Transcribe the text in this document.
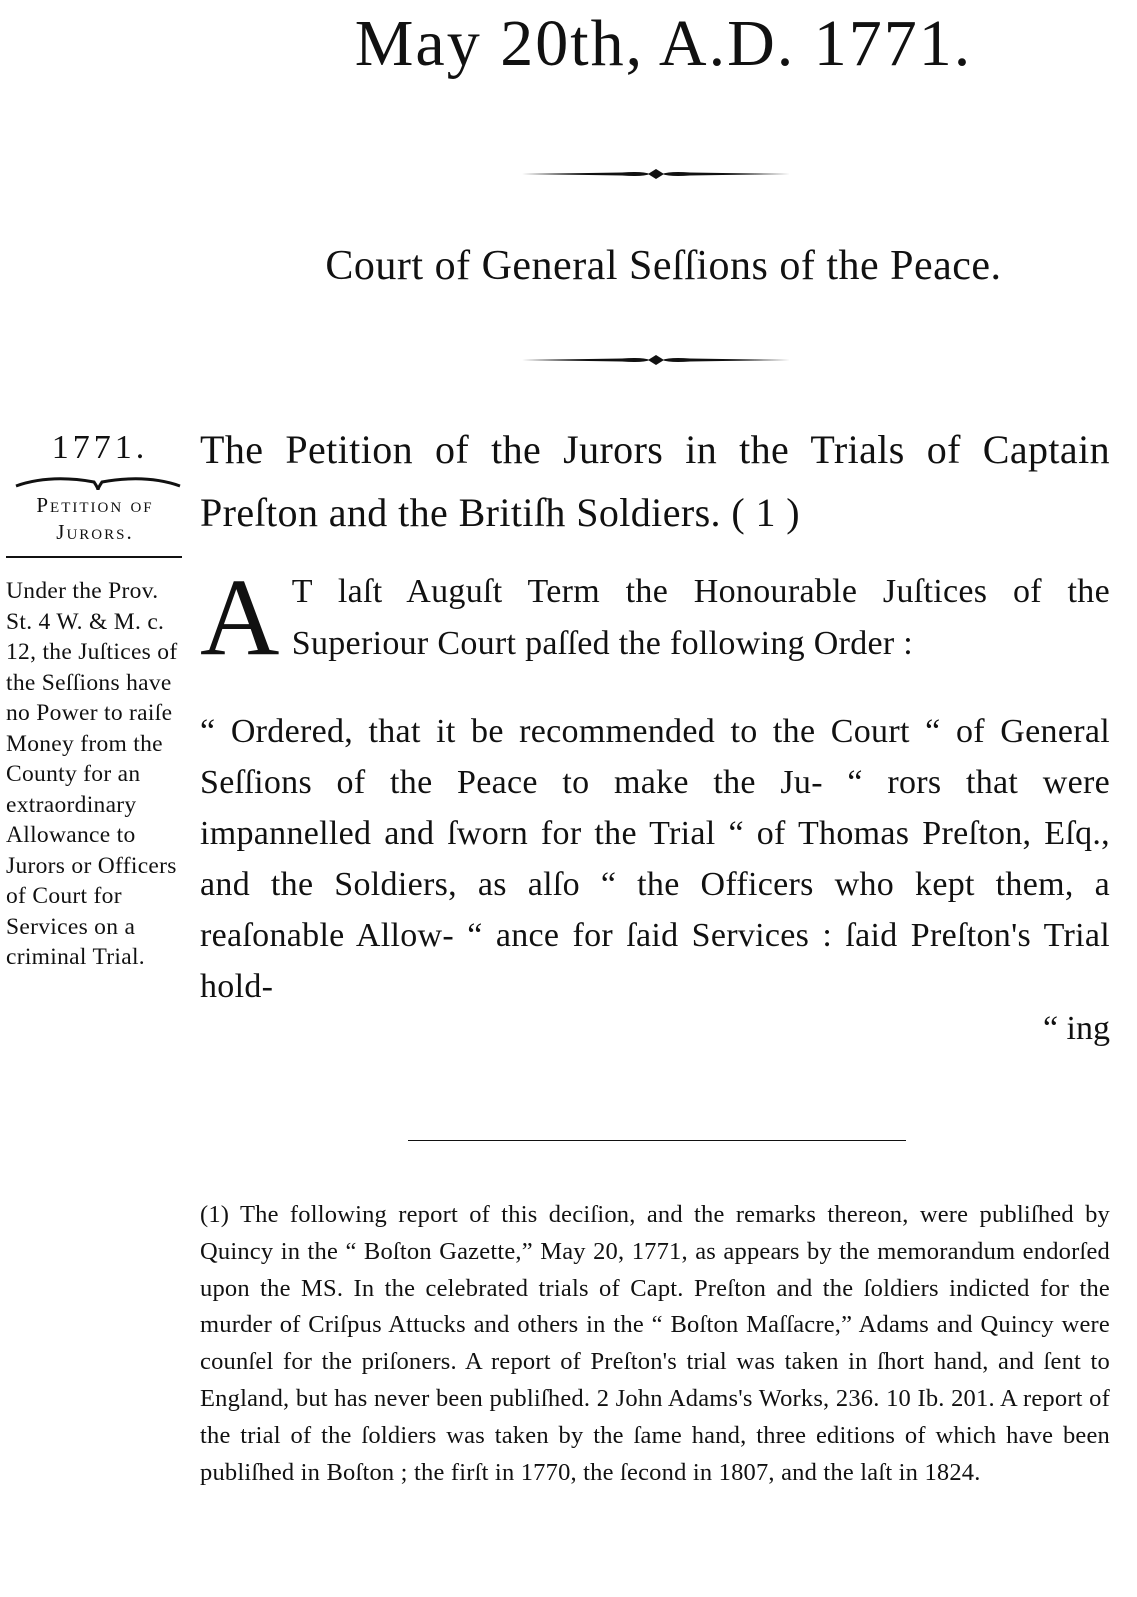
May 20th, A.D. 1771.
Court of General Seſſions of the Peace.
1771.
Petition of
Jurors.
Under the Prov. St. 4 W. & M. c. 12, the Juſtices of the Seſſions have no Power to raiſe Money from the County for an extraordinary Allowance to Jurors or Officers of Court for Services on a criminal Trial.

The Petition of the Jurors in the Trials of Captain Preſton and the Britiſh Soldiers. ( 1 )

A T laſt Auguſt Term the Honourable Juſtices of the Superiour Court paſſed the following Order :
“ Ordered, that it be recommended to the Court “ of General Seſſions of the Peace to make the Ju- “ rors that were impannelled and ſworn for the Trial “ of Thomas Preſton, Eſq., and the Soldiers, as alſo “ the Officers who kept them, a reaſonable Allow- “ ance for ſaid Services : ſaid Preſton's Trial hold-
“ ing
(1) The following report of this deciſion, and the remarks thereon, were publiſhed by Quincy in the “ Boſton Gazette,” May 20, 1771, as appears by the memorandum endorſed upon the MS. In the celebrated trials of Capt. Preſton and the ſoldiers indicted for the murder of Criſpus Attucks and others in the “ Boſton Maſſacre,” Adams and Quincy were counſel for the priſoners. A report of Preſton's trial was taken in ſhort hand, and ſent to England, but has never been publiſhed. 2 John Adams's Works, 236. 10 Ib. 201. A report of the trial of the ſoldiers was taken by the ſame hand, three editions of which have been publiſhed in Boſton ; the firſt in 1770, the ſecond in 1807, and the laſt in 1824.
